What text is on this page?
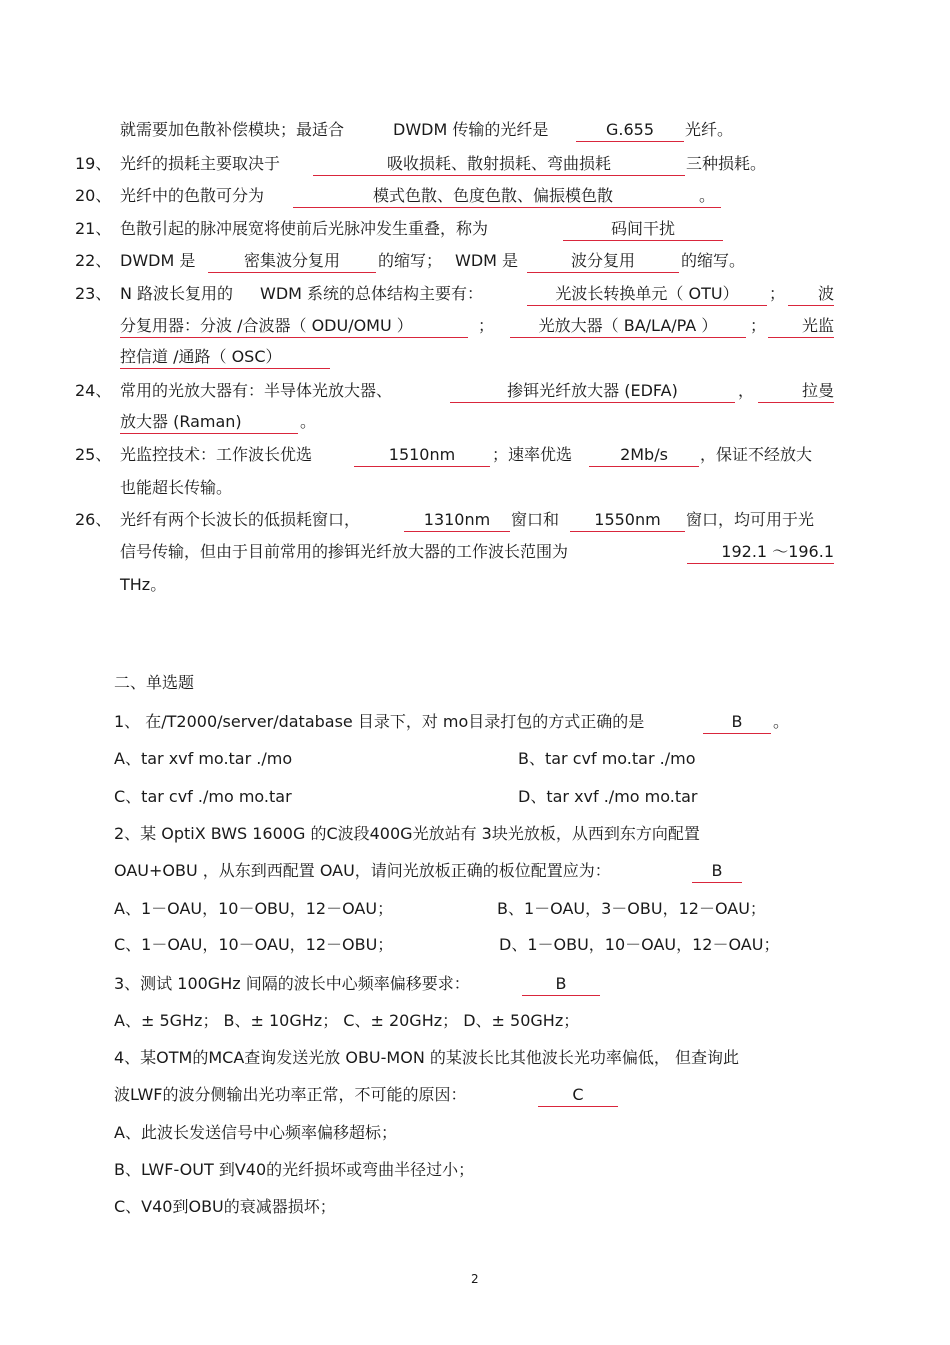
就需要加色散补偿模块；最适合	DWDM 传输的光纤是	G.655	光纤。
19、 光纤的损耗主要取决于	吸收损耗、散射损耗、弯曲损耗	三种损耗。
20、 光纤中的色散可分为	模式色散、色度色散、偏振模色散	。
21、 色散引起的脉冲展宽将使前后光脉冲发生重叠，称为	码间干扰
22、 DWDM 是	密集波分复用	的缩写； WDM 是	波分复用	的缩写。
23、 N 路波长复用的 WDM 系统的总体结构主要有：	光波长转换单元（ OTU）	；	波
分复用器：分波 /合波器（ ODU/OMU ）	；	光放大器（ BA/LA/PA ）	；	光监
控信道 /通路（ OSC）
24、 常用的光放大器有：半导体光放大器、	掺铒光纤放大器 (EDFA)	，	拉曼
放大器 (Raman)	。
25、 光监控技术：工作波长优选	1510nm	；速率优选	2Mb/s	，保证不经放大
也能超长传输。
26、 光纤有两个长波长的低损耗窗口，	1310nm	窗口和	1550nm	窗口，均可用于光
信号传输，但由于目前常用的掺铒光纤放大器的工作波长范围为	192.1 ～196.1
THz。
二、单选题
1、 在/T2000/server/database 目录下，对 mo目录打包的方式正确的是	B	。
A、tar xvf mo.tar ./mo	B、tar cvf mo.tar ./mo
C、tar cvf ./mo mo.tar	D、tar xvf ./mo mo.tar
2、某 OptiX BWS 1600G 的C波段400G光放站有 3块光放板，从西到东方向配置
OAU+OBU ，从东到西配置 OAU，请问光放板正确的板位配置应为：	B
A、1－OAU，10－OBU，12－OAU；	B、1－OAU，3－OBU，12－OAU；
C、1－OAU，10－OAU，12－OBU；	D、1－OBU，10－OAU，12－OAU；
3、测试 100GHz 间隔的波长中心频率偏移要求：	B
A、± 5GHz； B、± 10GHz； C、± 20GHz； D、± 50GHz；
4、某OTM的MCA查询发送光放 OBU-MON 的某波长比其他波长光功率偏低， 但查询此
波LWF的波分侧输出光功率正常，不可能的原因：	C
A、此波长发送信号中心频率偏移超标；
B、LWF-OUT 到V40的光纤损坏或弯曲半径过小；
C、V40到OBU的衰减器损坏；
2
